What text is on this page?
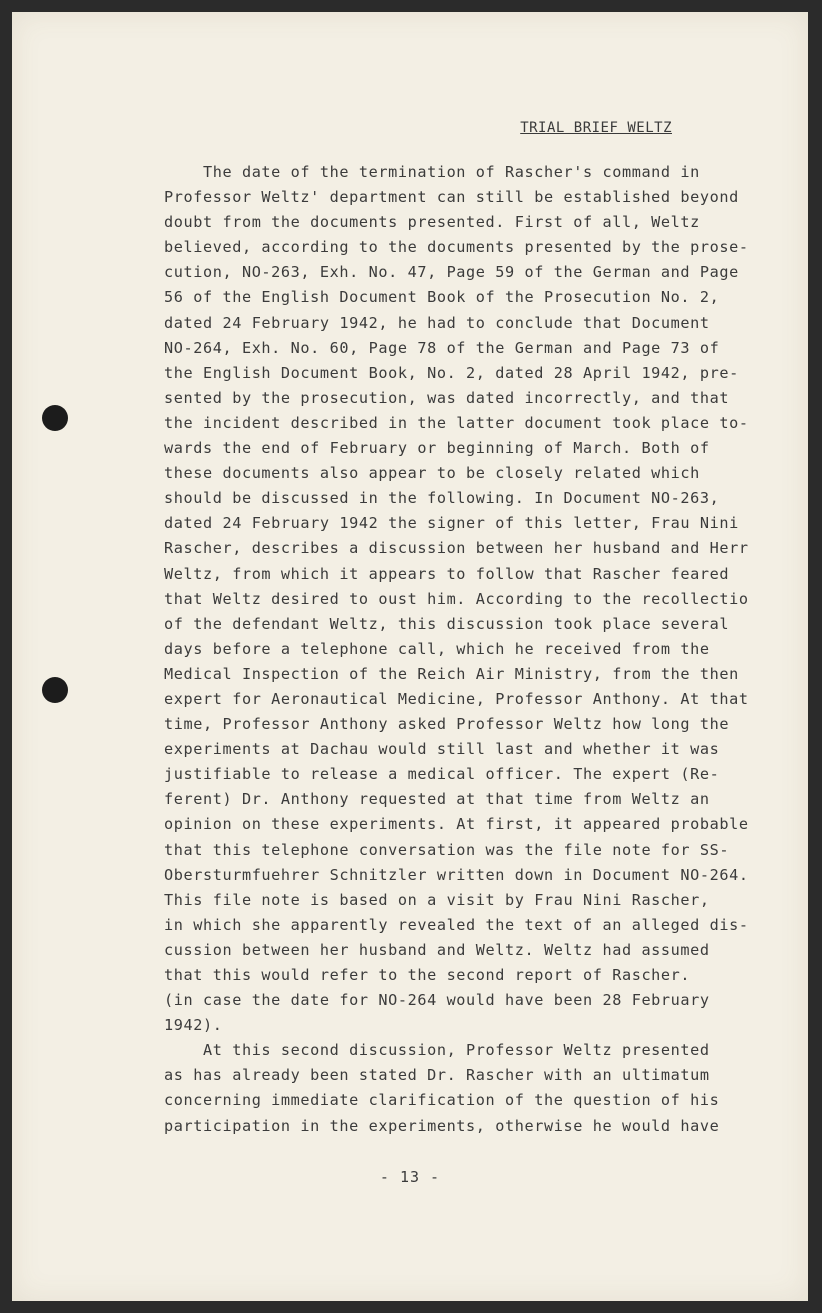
TRIAL BRIEF WELTZ
The date of the termination of Rascher's command in
Professor Weltz' department can still be established beyond
doubt from the documents presented. First of all, Weltz
believed, according to the documents presented by the prose-
cution, NO-263, Exh. No. 47, Page 59 of the German and Page
56 of the English Document Book of the Prosecution No. 2,
dated 24 February 1942, he had to conclude that Document
NO-264, Exh. No. 60, Page 78 of the German and Page 73 of
the English Document Book, No. 2, dated 28 April 1942, pre-
sented by the prosecution, was dated incorrectly, and that
the incident described in the latter document took place to-
wards the end of February or beginning of March. Both of
these documents also appear to be closely related which
should be discussed in the following. In Document NO-263,
dated 24 February 1942 the signer of this letter, Frau Nini
Rascher, describes a discussion between her husband and Herr
Weltz, from which it appears to follow that Rascher feared
that Weltz desired to oust him. According to the recollectio
of the defendant Weltz, this discussion took place several
days before a telephone call, which he received from the
Medical Inspection of the Reich Air Ministry, from the then
expert for Aeronautical Medicine, Professor Anthony. At that
time, Professor Anthony asked Professor Weltz how long the
experiments at Dachau would still last and whether it was
justifiable to release a medical officer. The expert (Re-
ferent) Dr. Anthony requested at that time from Weltz an
opinion on these experiments. At first, it appeared probable
that this telephone conversation was the file note for SS-
Obersturmfuehrer Schnitzler written down in Document NO-264.
This file note is based on a visit by Frau Nini Rascher,
in which she apparently revealed the text of an alleged dis-
cussion between her husband and Weltz. Weltz had assumed
that this would refer to the second report of Rascher.
(in case the date for NO-264 would have been 28 February
1942).
At this second discussion, Professor Weltz presented
as has already been stated Dr. Rascher with an ultimatum
concerning immediate clarification of the question of his
participation in the experiments, otherwise he would have
- 13 -
